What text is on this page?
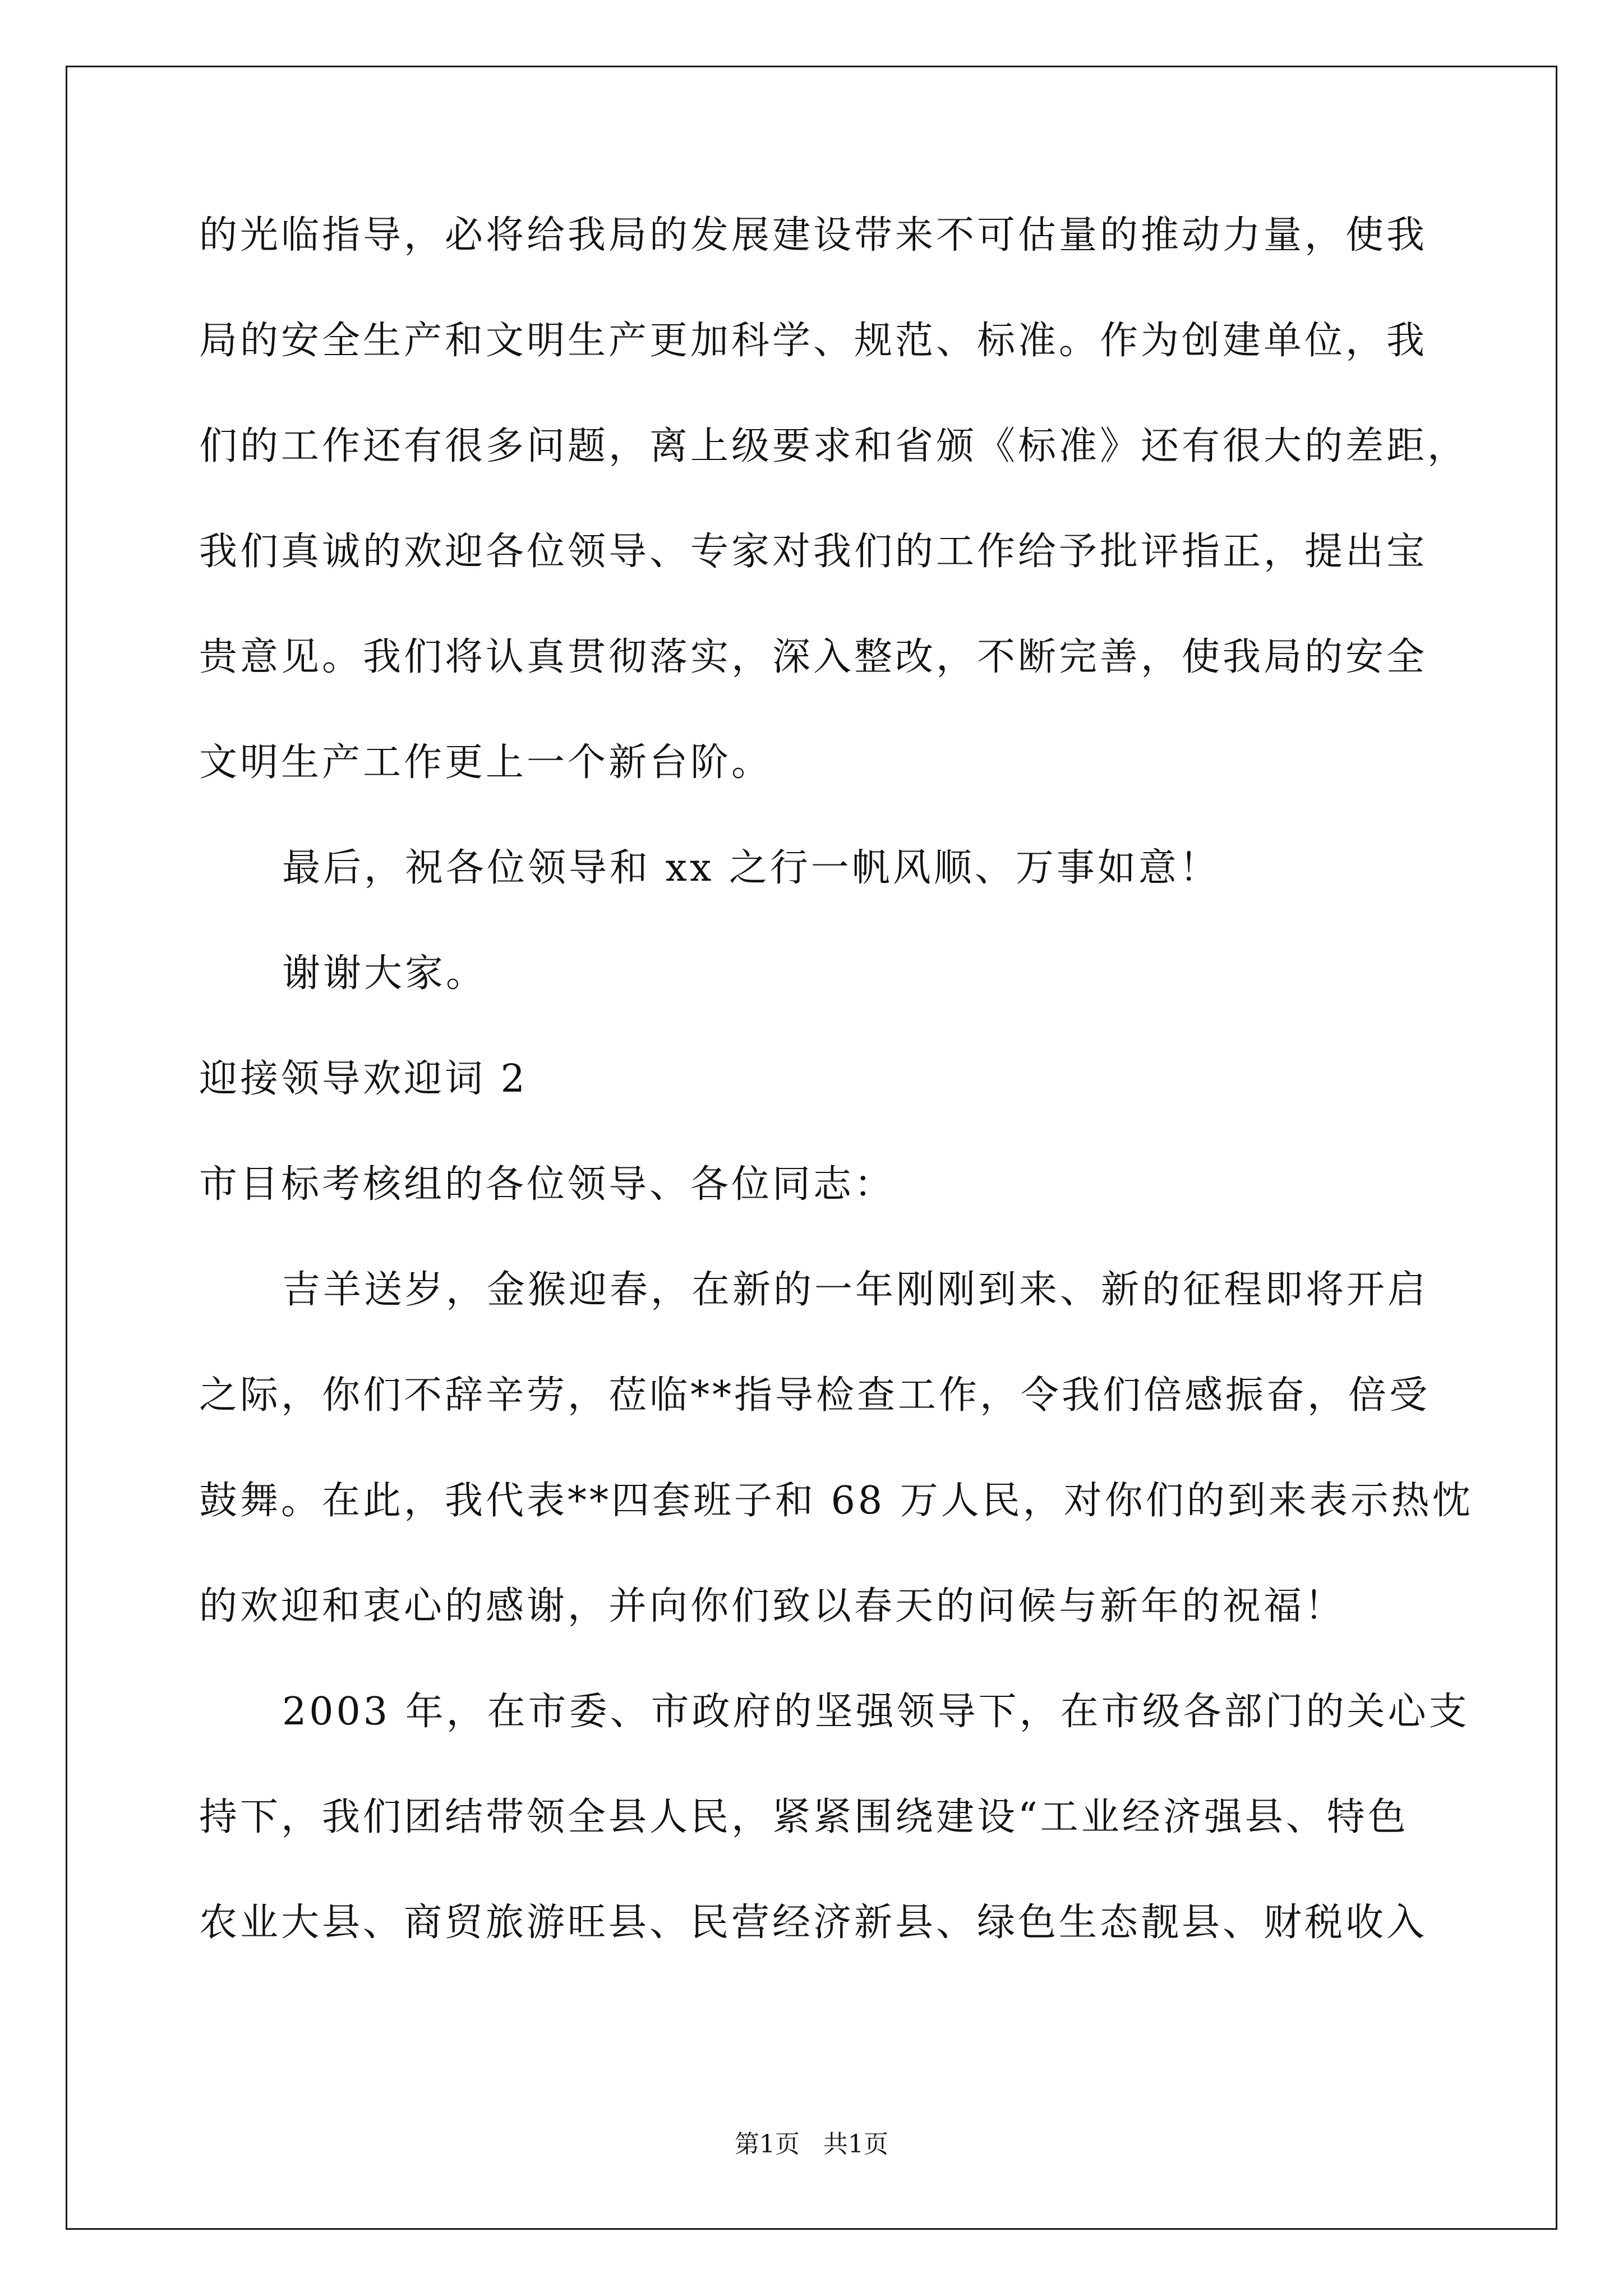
的光临指导，必将给我局的发展建设带来不可估量的推动力量，使我
局的安全生产和文明生产更加科学、规范、标准。作为创建单位，我
们的工作还有很多问题，离上级要求和省颁《标准》还有很大的差距，
我们真诚的欢迎各位领导、专家对我们的工作给予批评指正，提出宝
贵意见。我们将认真贯彻落实，深入整改，不断完善，使我局的安全
文明生产工作更上一个新台阶。
最后，祝各位领导和 xx 之行一帆风顺、万事如意！
谢谢大家。
迎接领导欢迎词 2
市目标考核组的各位领导、各位同志：
吉羊送岁，金猴迎春，在新的一年刚刚到来、新的征程即将开启
之际，你们不辞辛劳，莅临**指导检查工作，令我们倍感振奋，倍受
鼓舞。在此，我代表**四套班子和 68 万人民，对你们的到来表示热忱
的欢迎和衷心的感谢，并向你们致以春天的问候与新年的祝福！
2003 年，在市委、市政府的坚强领导下，在市级各部门的关心支
持下，我们团结带领全县人民，紧紧围绕建设“工业经济强县、特色
农业大县、商贸旅游旺县、民营经济新县、绿色生态靓县、财税收入
第1页   共1页
